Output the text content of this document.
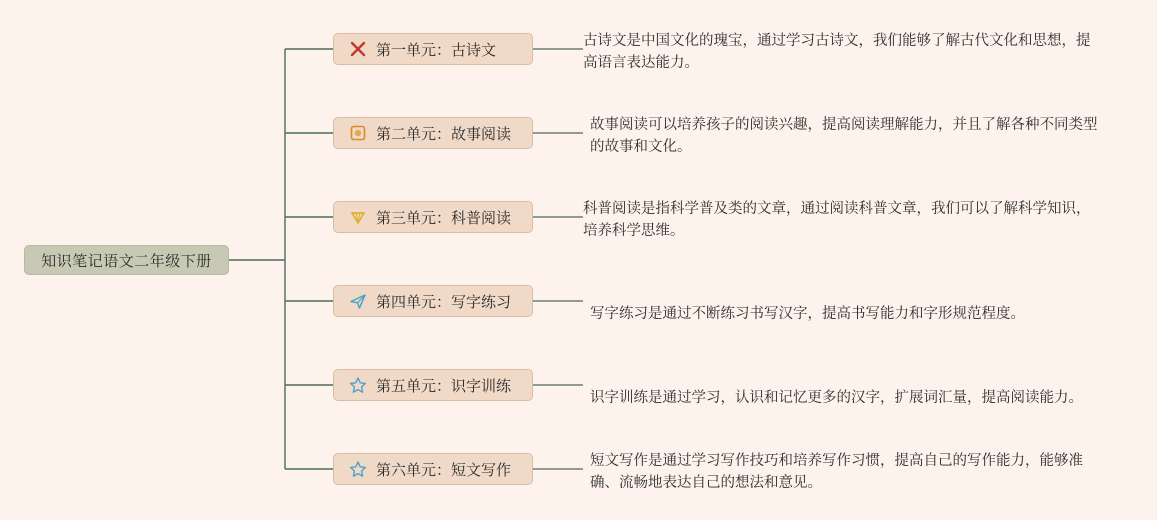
知识笔记语文二年级下册
第一单元：古诗文
古诗文是中国文化的瑰宝，通过学习古诗文，我们能够了解古代文化和思想，提高语言表达能力。
第二单元：故事阅读
故事阅读可以培养孩子的阅读兴趣，提高阅读理解能力，并且了解各种不同类型的故事和文化。
第三单元：科普阅读
科普阅读是指科学普及类的文章，通过阅读科普文章，我们可以了解科学知识，培养科学思维。
第四单元：写字练习
写字练习是通过不断练习书写汉字，提高书写能力和字形规范程度。
第五单元：识字训练
识字训练是通过学习，认识和记忆更多的汉字，扩展词汇量，提高阅读能力。
第六单元：短文写作
短文写作是通过学习写作技巧和培养写作习惯，提高自己的写作能力，能够准确、流畅地表达自己的想法和意见。
